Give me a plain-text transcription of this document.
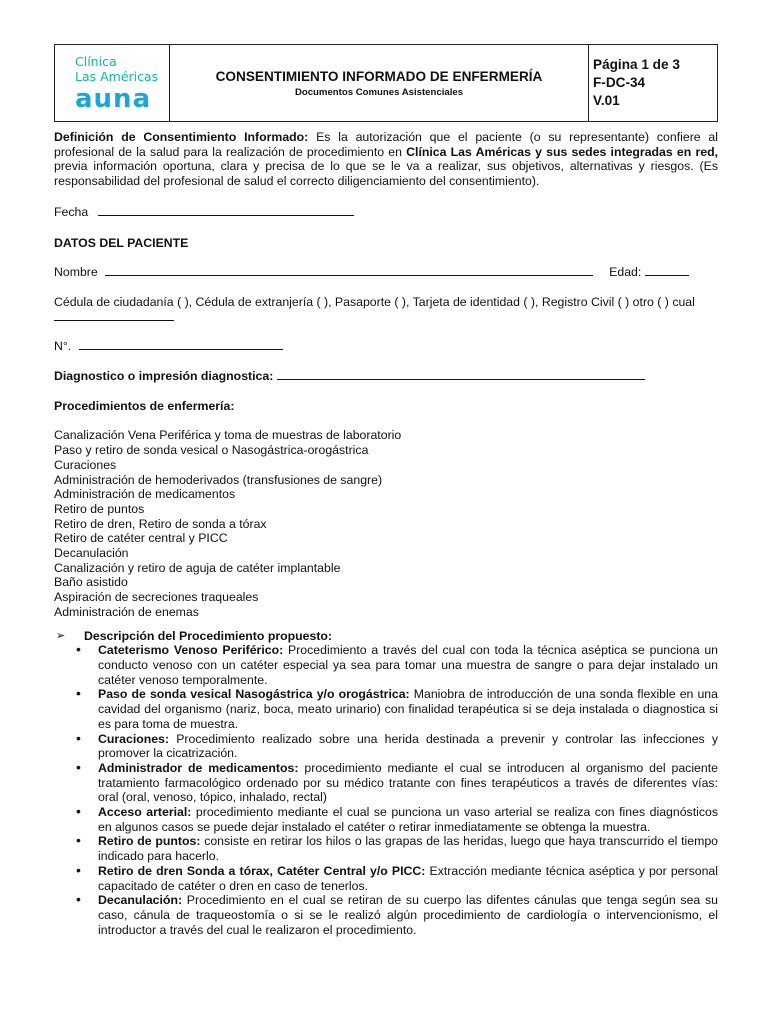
Clínica
Las Américas
auna

CONSENTIMIENTO INFORMADO DE ENFERMERÍA
Documentos Comunes Asistenciales

Página 1 de 3
F-DC-34
V.01

Definición de Consentimiento Informado: Es la autorización que el paciente (o su representante) confiere al profesional de la salud para la realización de procedimiento en Clínica Las Américas y sus sedes integradas en red, previa información oportuna, clara y precisa de lo que se le va a realizar, sus objetivos, alternativas y riesgos. (Es responsabilidad del profesional de salud el correcto diligenciamiento del consentimiento).

Fecha

DATOS DEL PACIENTE

Nombre	Edad:

Cédula de ciudadanía ( ), Cédula de extranjería ( ), Pasaporte ( ), Tarjeta de identidad ( ), Registro Civil ( ) otro ( ) cual

N°.

Diagnostico o impresión diagnostica:

Procedimientos de enfermería:

Canalización Vena Periférica y toma de muestras de laboratorio

Paso y retiro de sonda vesical o Nasogástrica-orogástrica

Curaciones

Administración de hemoderivados (transfusiones de sangre)

Administración de medicamentos

Retiro de puntos

Retiro de dren, Retiro de sonda a tórax

Retiro de catéter central y PICC

Decanulación

Canalización y retiro de aguja de catéter implantable

Baño asistido

Aspiración de secreciones traqueales

Administración de enemas

➢ Descripción del Procedimiento propuesto:

• Cateterismo Venoso Periférico: Procedimiento a través del cual con toda la técnica aséptica se punciona un conducto venoso con un catéter especial ya sea para tomar una muestra de sangre o para dejar instalado un catéter venoso temporalmente.
• Paso de sonda vesical Nasogástrica y/o orogástrica: Maniobra de introducción de una sonda flexible en una cavidad del organismo (nariz, boca, meato urinario) con finalidad terapéutica si se deja instalada o diagnostica si es para toma de muestra.
• Curaciones: Procedimiento realizado sobre una herida destinada a prevenir y controlar las infecciones y promover la cicatrización.
• Administrador de medicamentos: procedimiento mediante el cual se introducen al organismo del paciente tratamiento farmacológico ordenado por su médico tratante con fines terapéuticos a través de diferentes vías: oral (oral, venoso, tópico, inhalado, rectal)
• Acceso arterial: procedimiento mediante el cual se punciona un vaso arterial se realiza con fines diagnósticos en algunos casos se puede dejar instalado el catéter o retirar inmediatamente se obtenga la muestra.
• Retiro de puntos: consiste en retirar los hilos o las grapas de las heridas, luego que haya transcurrido el tiempo indicado para hacerlo.
• Retiro de dren Sonda a tórax, Catéter Central y/o PICC: Extracción mediante técnica aséptica y por personal capacitado de catéter o dren en caso de tenerlos.
• Decanulación: Procedimiento en el cual se retiran de su cuerpo las difentes cánulas que tenga según sea su caso, cánula de traqueostomía o si se le realizó algún procedimiento de cardiología o intervencionismo, el introductor a través del cual le realizaron el procedimiento.
